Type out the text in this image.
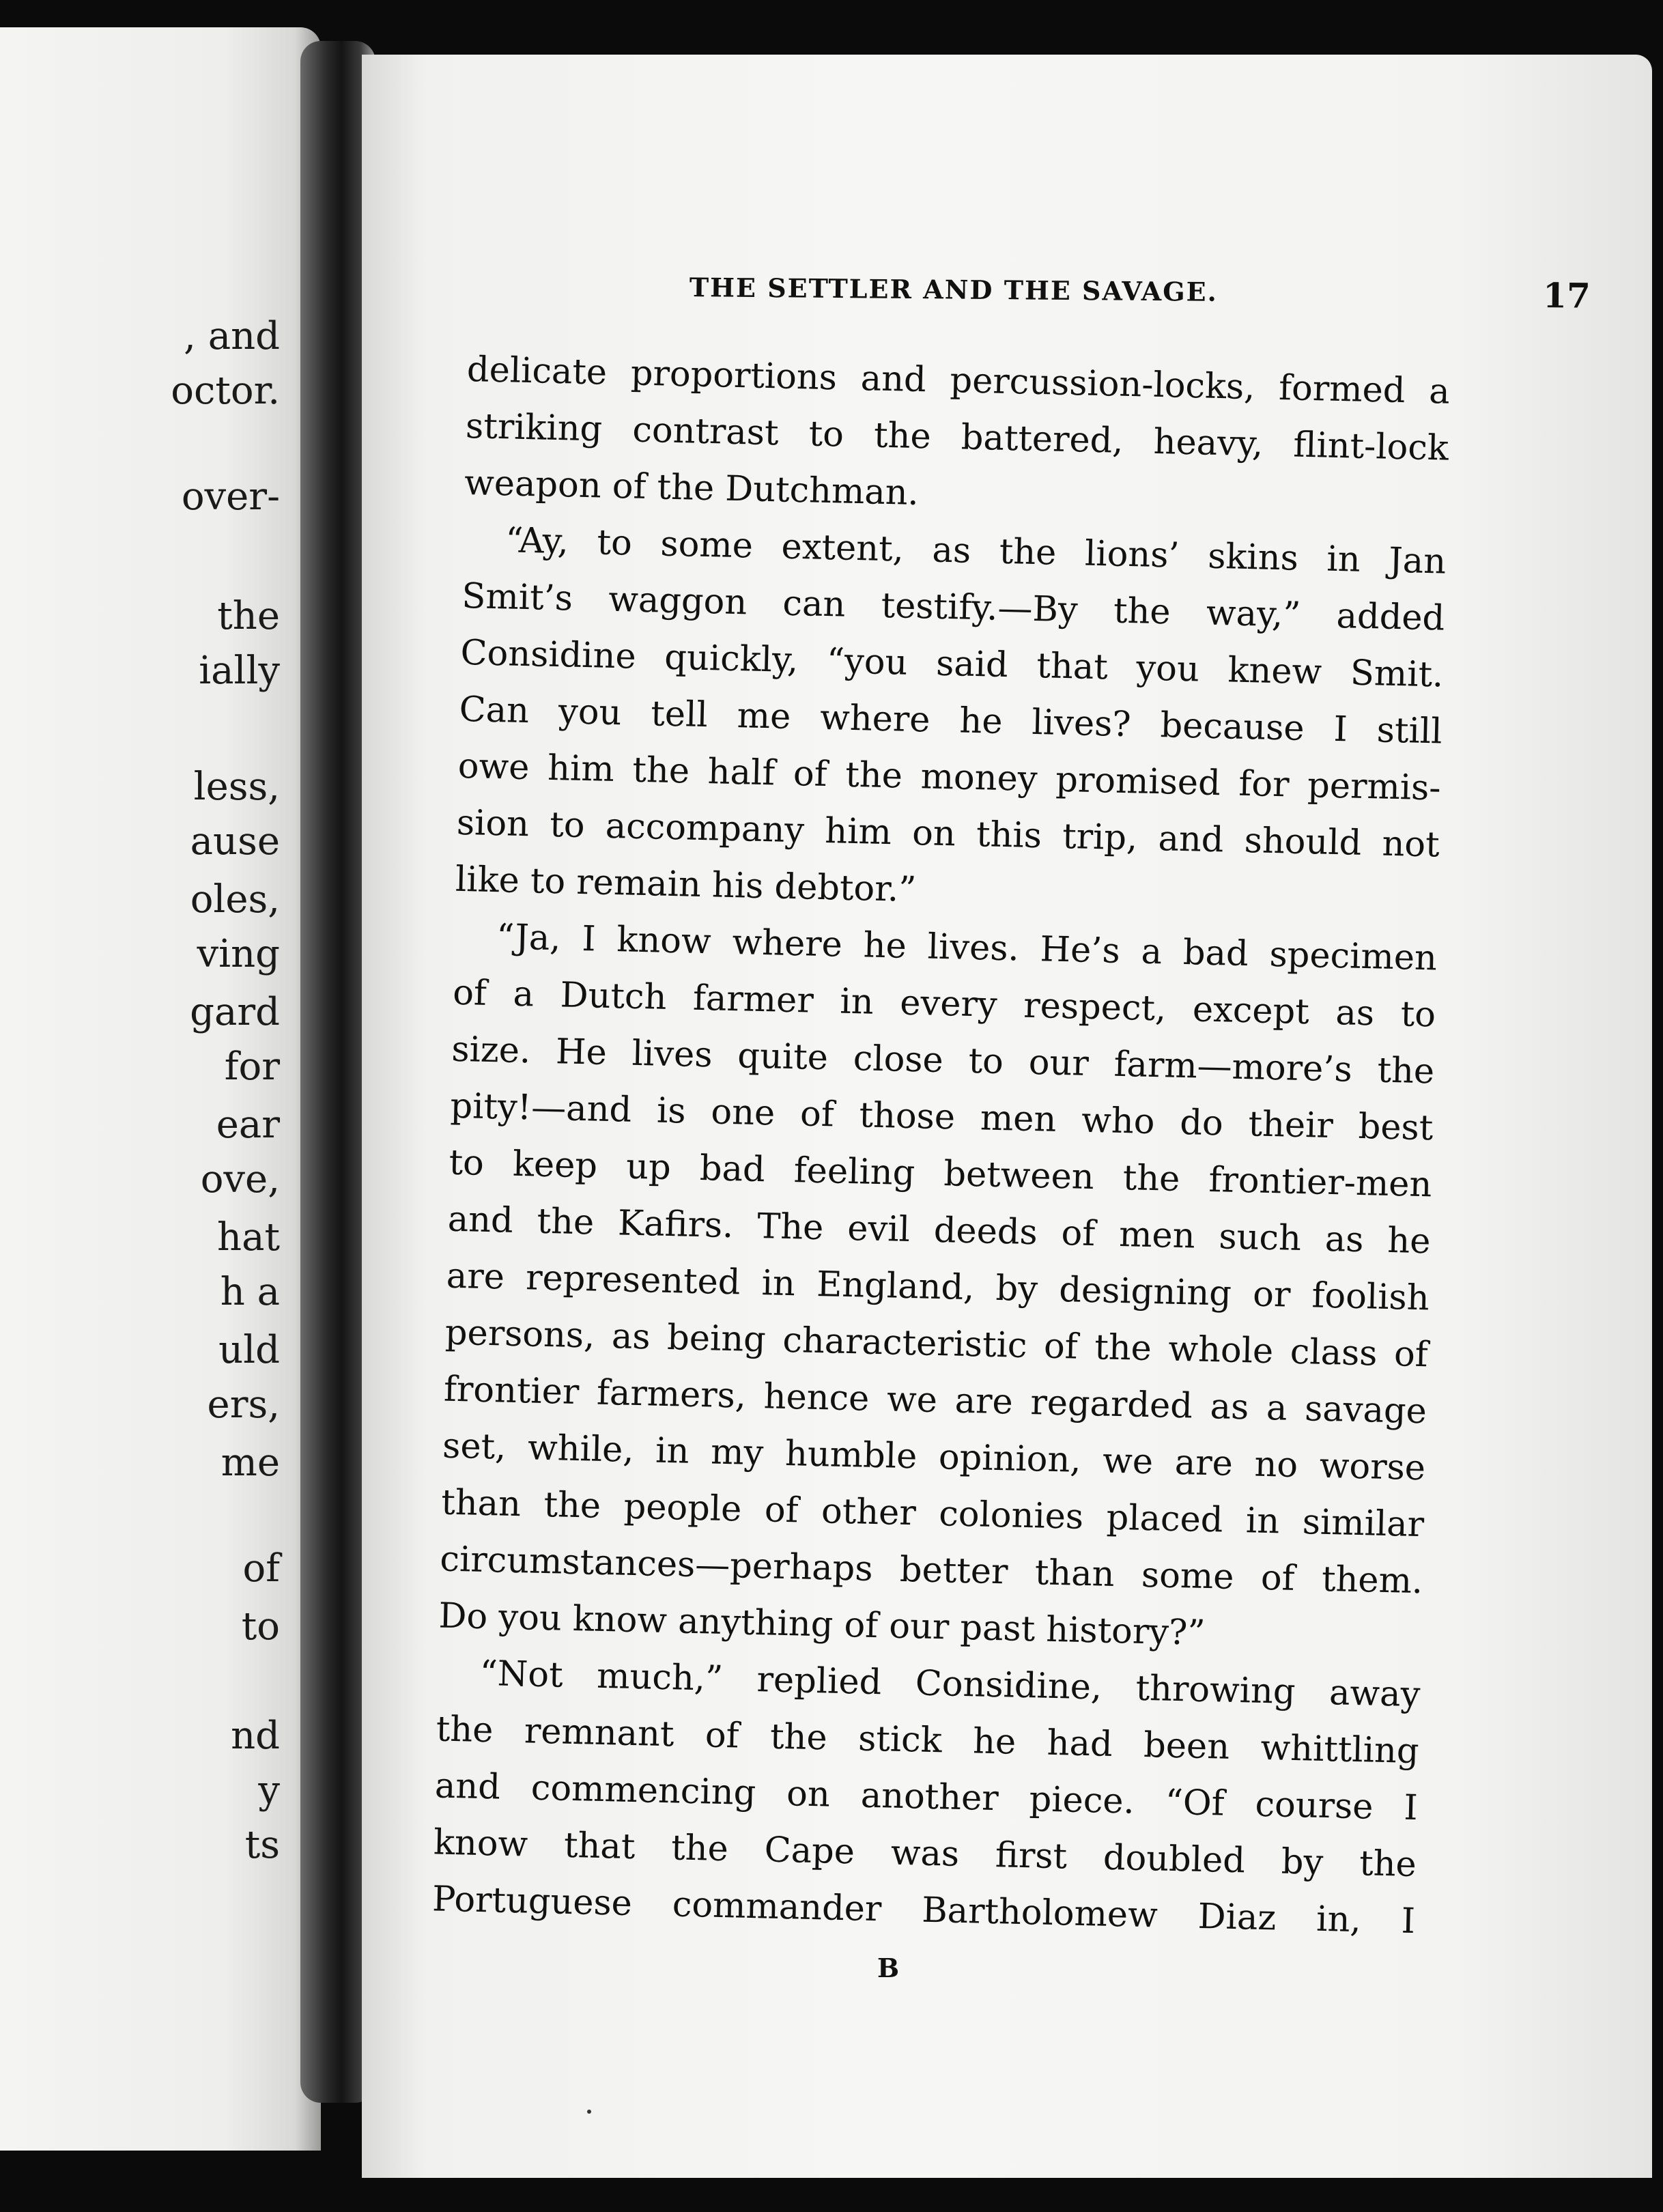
, and

octor.

over-

the

ially

less,

ause

oles,

ving

gard

for

ear

ove,

hat

h a

uld

ers,

me

of

to

nd

y

ts

THE SETTLER AND THE SAVAGE.	17

delicate proportions and percussion-locks, formed a

striking contrast to the battered, heavy, flint-lock

weapon of the Dutchman.

“Ay, to some extent, as the lions’ skins in Jan

Smit’s waggon can testify.—By the way,” added

Considine quickly, “you said that you knew Smit.

Can you tell me where he lives? because I still

owe him the half of the money promised for permis-

sion to accompany him on this trip, and should not

like to remain his debtor.”

“Ja, I know where he lives. He’s a bad specimen

of a Dutch farmer in every respect, except as to

size. He lives quite close to our farm—more’s the

pity!—and is one of those men who do their best

to keep up bad feeling between the frontier-men

and the Kafirs. The evil deeds of men such as he

are represented in England, by designing or foolish

persons, as being characteristic of the whole class of

frontier farmers, hence we are regarded as a savage

set, while, in my humble opinion, we are no worse

than the people of other colonies placed in similar

circumstances—perhaps better than some of them.

Do you know anything of our past history?”

“Not much,” replied Considine, throwing away

the remnant of the stick he had been whittling

and commencing on another piece. “Of course I

know that the Cape was first doubled by the

Portuguese commander Bartholomew Diaz in, I

B
